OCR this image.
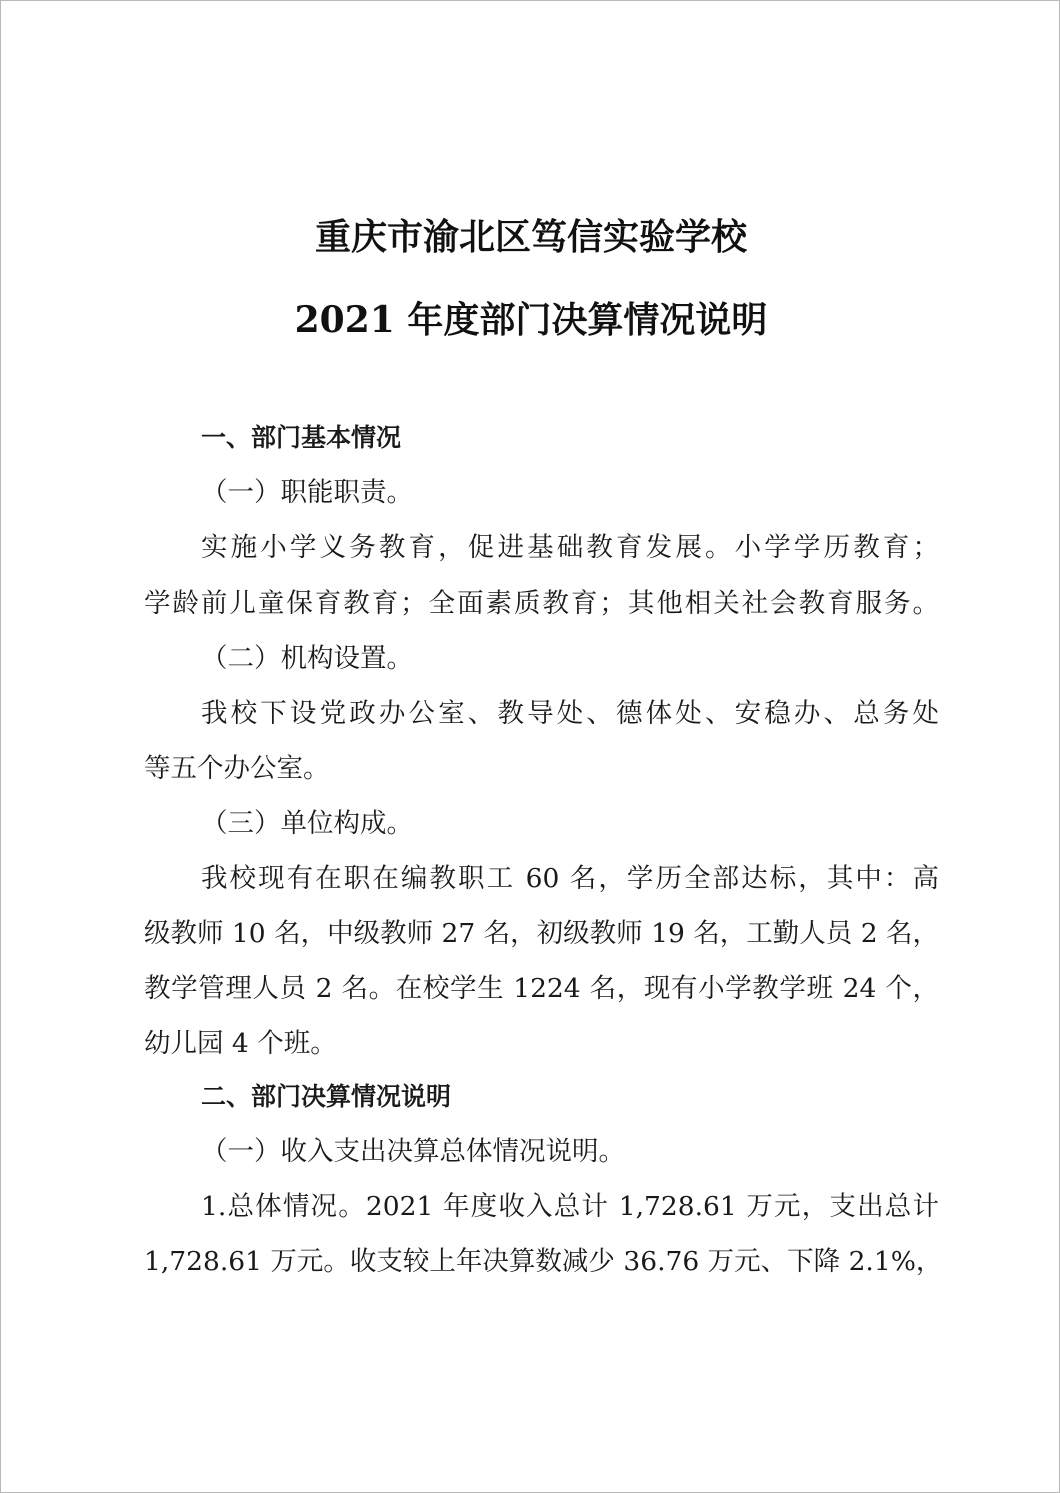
重庆市渝北区笃信实验学校
2021 年度部门决算情况说明
一、部门基本情况
（一）职能职责。
实施小学义务教育，促进基础教育发展。小学学历教育；
学龄前儿童保育教育；全面素质教育；其他相关社会教育服务。
（二）机构设置。
我校下设党政办公室、教导处、德体处、安稳办、总务处
等五个办公室。
（三）单位构成。
我校现有在职在编教职工 60 名，学历全部达标，其中：高
级教师 10 名，中级教师 27 名，初级教师 19 名，工勤人员 2 名，
教学管理人员 2 名。在校学生 1224 名，现有小学教学班 24 个，
幼儿园 4 个班。
二、部门决算情况说明
（一）收入支出决算总体情况说明。
1.总体情况。2021 年度收入总计 1,728.61 万元，支出总计
1,728.61 万元。收支较上年决算数减少 36.76 万元、下降 2.1%，
